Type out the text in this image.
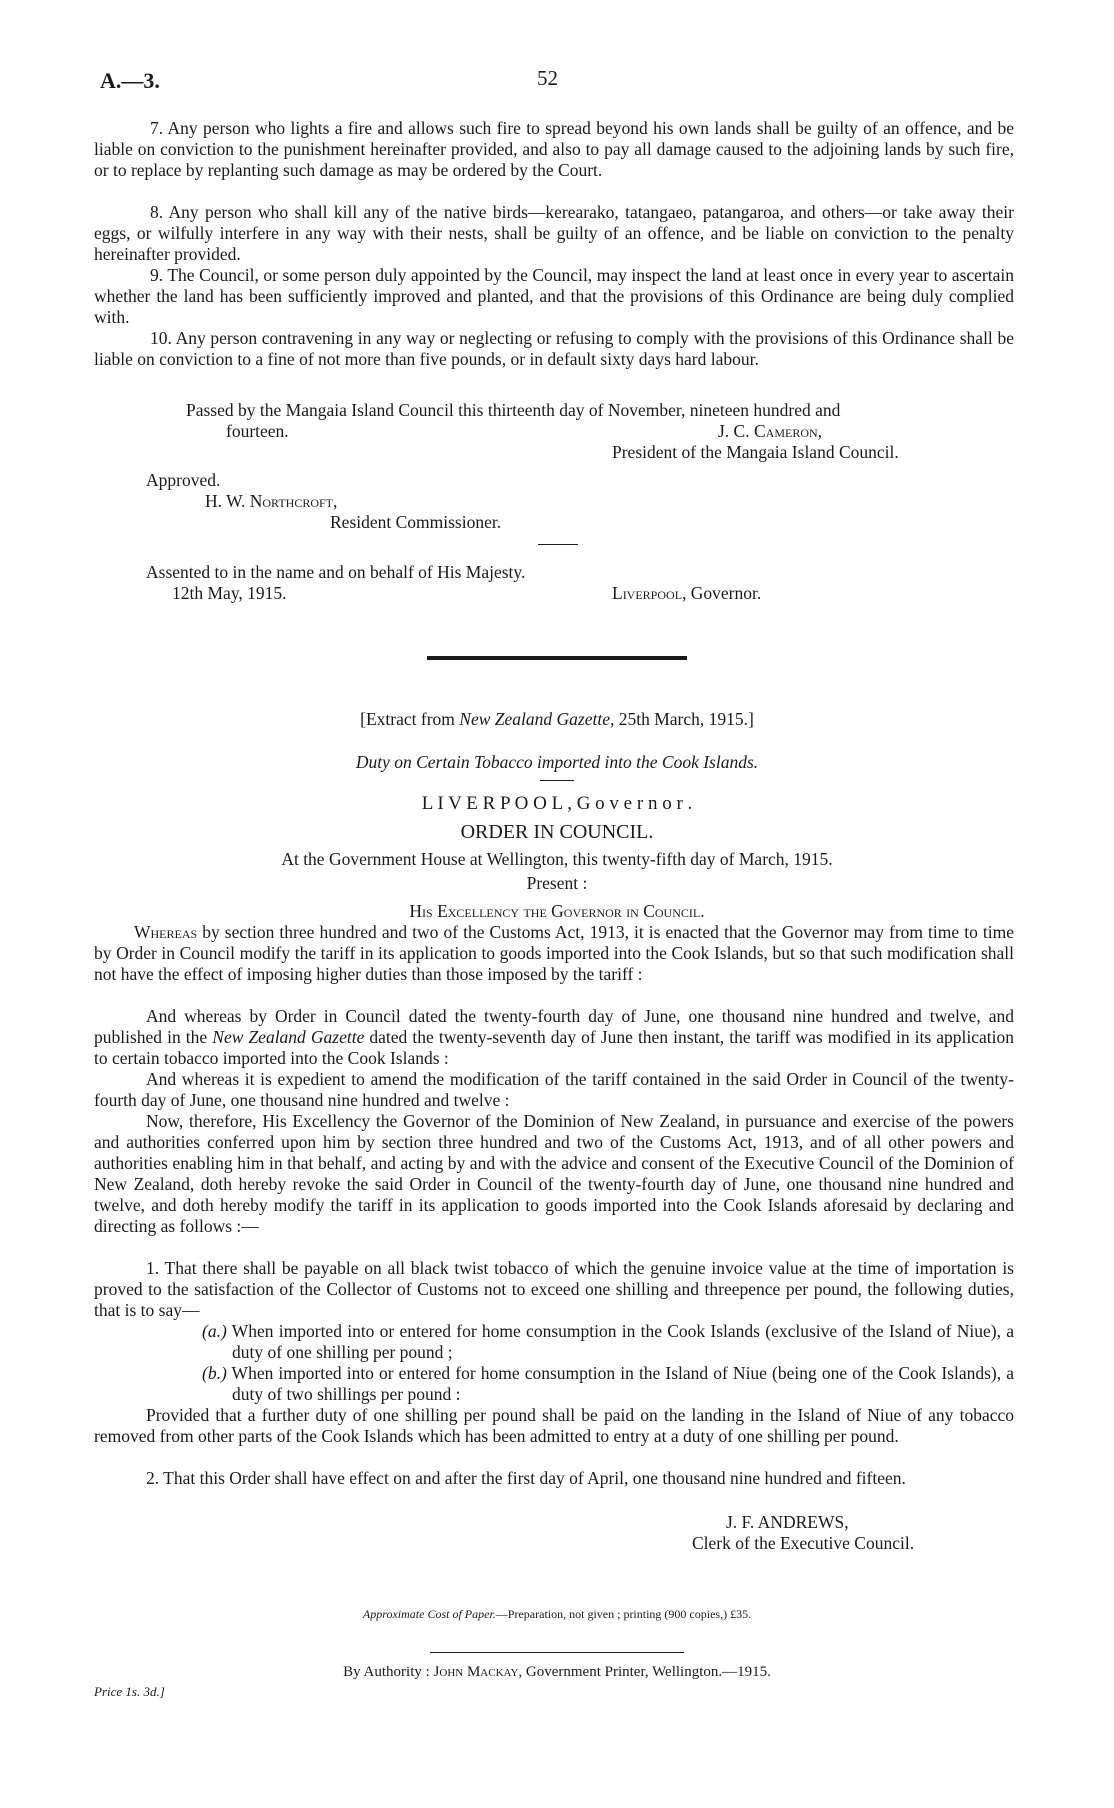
A.—3.	52

7. Any person who lights a fire and allows such fire to spread beyond his own lands shall be guilty of an offence, and be liable on conviction to the punishment hereinafter provided, and also to pay all damage caused to the adjoining lands by such fire, or to replace by replanting such damage as may be ordered by the Court.

8. Any person who shall kill any of the native birds—kerearako, tatangaeo, patangaroa, and others—or take away their eggs, or wilfully interfere in any way with their nests, shall be guilty of an offence, and be liable on conviction to the penalty hereinafter provided.

9. The Council, or some person duly appointed by the Council, may inspect the land at least once in every year to ascertain whether the land has been sufficiently improved and planted, and that the provisions of this Ordinance are being duly complied with.

10. Any person contravening in any way or neglecting or refusing to comply with the provisions of this Ordinance shall be liable on conviction to a fine of not more than five pounds, or in default sixty days hard labour.

Passed by the Mangaia Island Council this thirteenth day of November, nineteen hundred and
fourteen.	J. C. Cameron,
President of the Mangaia Island Council.
Approved.
H. W. Northcroft,
Resident Commissioner.
Assented to in the name and on behalf of His Majesty.
12th May, 1915.	Liverpool, Governor.
[Extract from New Zealand Gazette, 25th March, 1915.]
Duty on Certain Tobacco imported into the Cook Islands.
L I V E R P O O L , G o v e r n o r .
ORDER IN COUNCIL.
At the Government House at Wellington, this twenty-fifth day of March, 1915.
Present :
His Excellency the Governor in Council.

Whereas by section three hundred and two of the Customs Act, 1913, it is enacted that the Governor may from time to time by Order in Council modify the tariff in its application to goods imported into the Cook Islands, but so that such modification shall not have the effect of imposing higher duties than those imposed by the tariff :

And whereas by Order in Council dated the twenty-fourth day of June, one thousand nine hundred and twelve, and published in the New Zealand Gazette dated the twenty-seventh day of June then instant, the tariff was modified in its application to certain tobacco imported into the Cook Islands :

And whereas it is expedient to amend the modification of the tariff contained in the said Order in Council of the twenty-fourth day of June, one thousand nine hundred and twelve :

Now, therefore, His Excellency the Governor of the Dominion of New Zealand, in pursuance and exercise of the powers and authorities conferred upon him by section three hundred and two of the Customs Act, 1913, and of all other powers and authorities enabling him in that behalf, and acting by and with the advice and consent of the Executive Council of the Dominion of New Zealand, doth hereby revoke the said Order in Council of the twenty-fourth day of June, one thousand nine hundred and twelve, and doth hereby modify the tariff in its application to goods imported into the Cook Islands aforesaid by declaring and directing as follows :—

1. That there shall be payable on all black twist tobacco of which the genuine invoice value at the time of importation is proved to the satisfaction of the Collector of Customs not to exceed one shilling and threepence per pound, the following duties, that is to say—

(a.) When imported into or entered for home consumption in the Cook Islands (exclusive of the Island of Niue), a duty of one shilling per pound ;

(b.) When imported into or entered for home consumption in the Island of Niue (being one of the Cook Islands), a duty of two shillings per pound :

Provided that a further duty of one shilling per pound shall be paid on the landing in the Island of Niue of any tobacco removed from other parts of the Cook Islands which has been admitted to entry at a duty of one shilling per pound.

2. That this Order shall have effect on and after the first day of April, one thousand nine hundred and fifteen.

J. F. ANDREWS,
Clerk of the Executive Council.
Approximate Cost of Paper.—Preparation, not given ; printing (900 copies,) £35.
By Authority : John Mackay, Government Printer, Wellington.—1915.
Price 1s. 3d.]
